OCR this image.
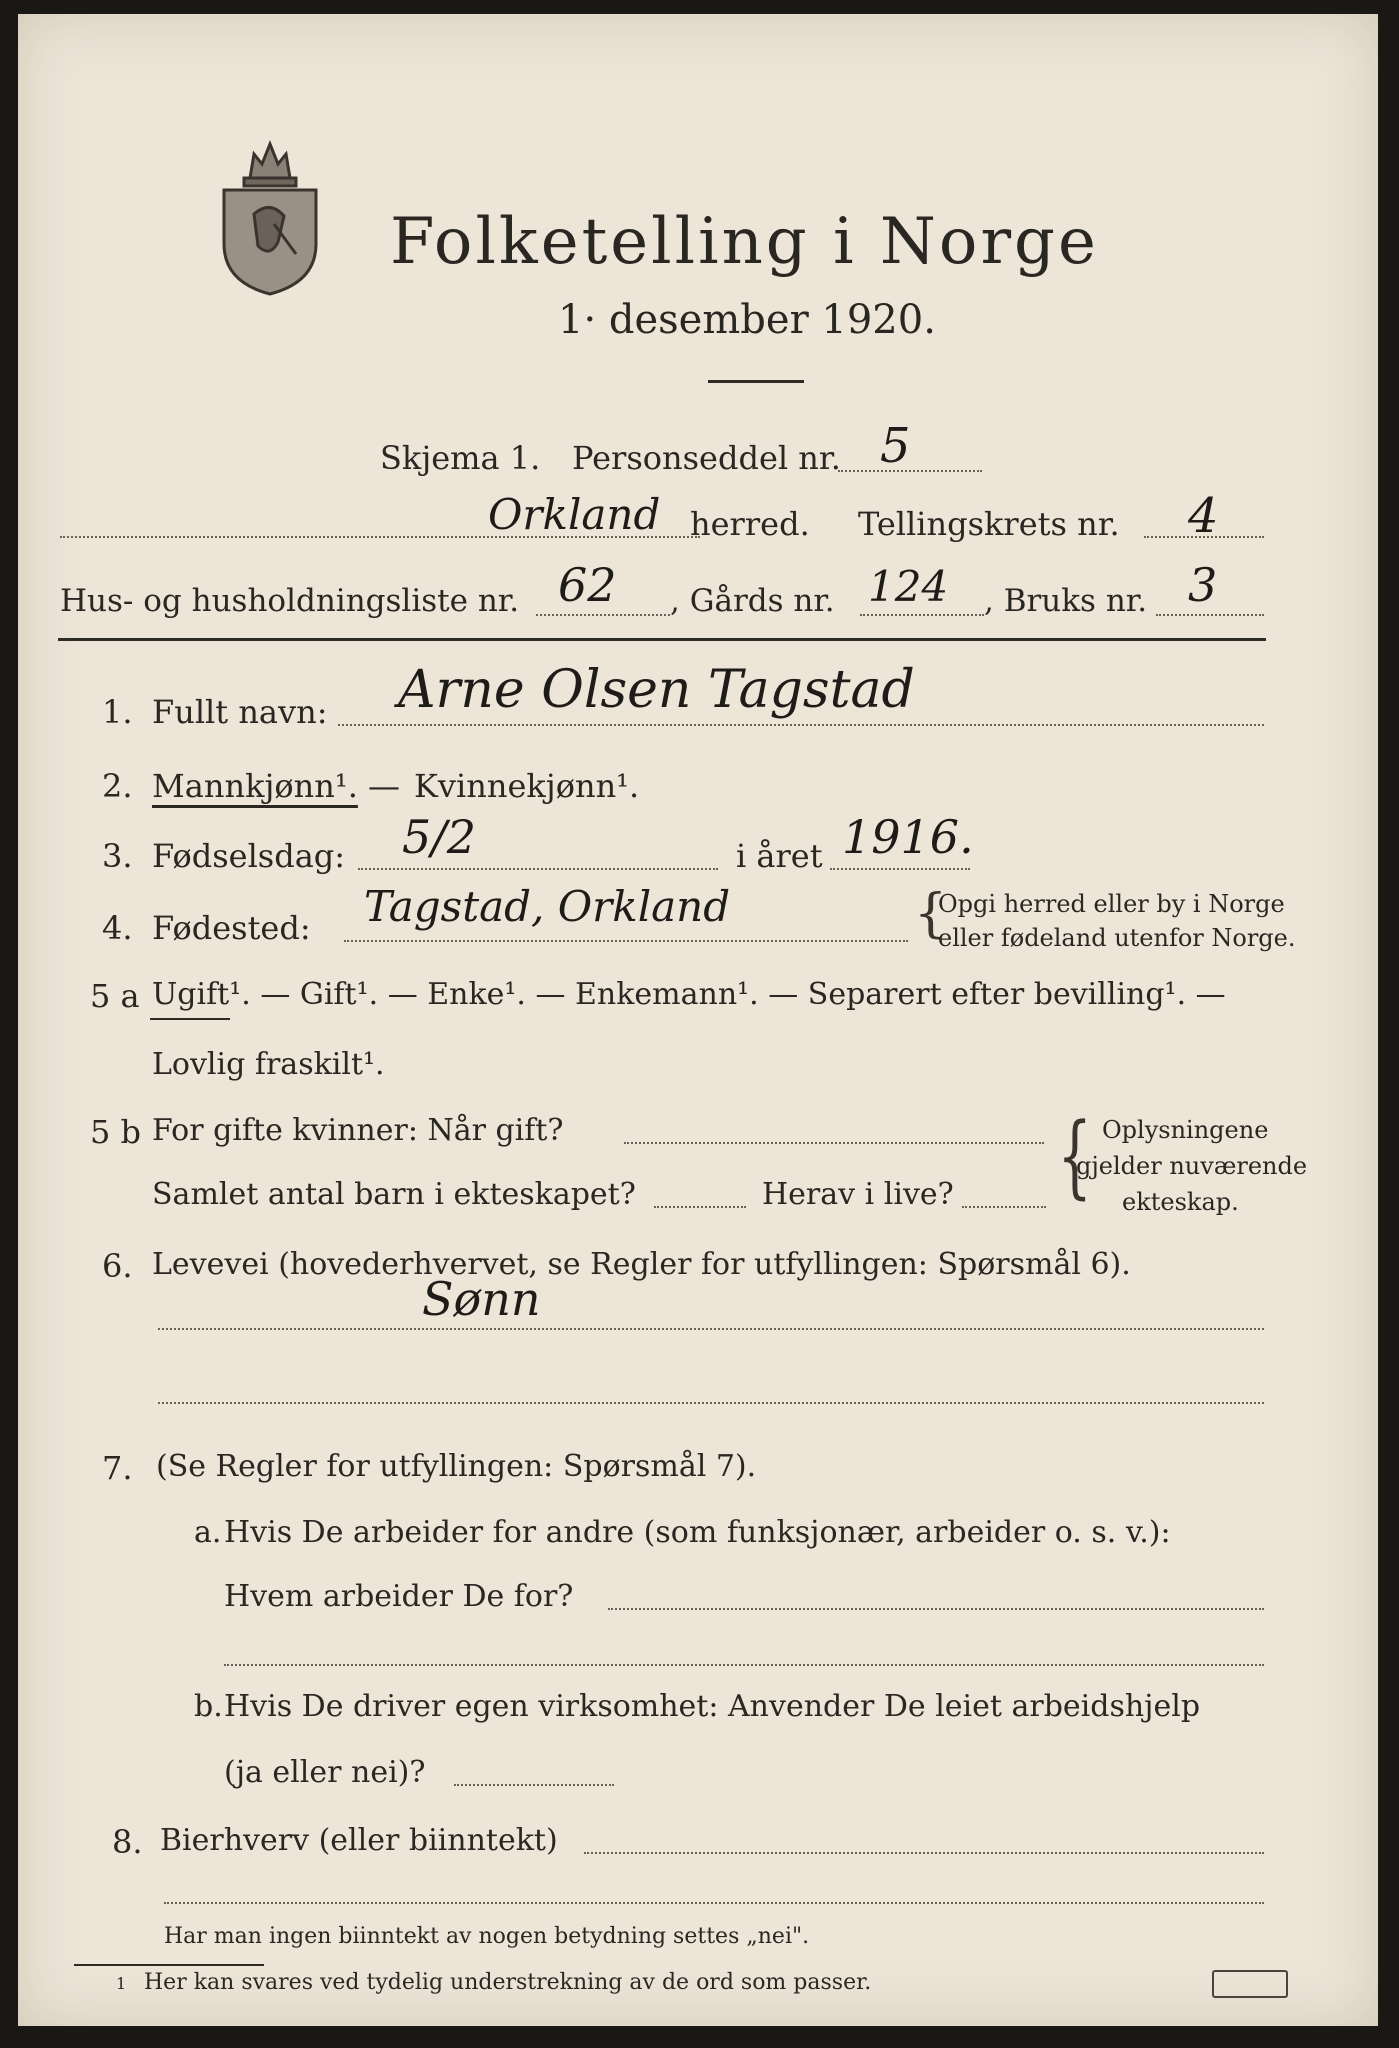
Folketelling i Norge
1· desember 1920.
Skjema 1. Personseddel nr. 5
Orkland herred. Tellingskrets nr. 4
Hus- og husholdningsliste nr. 62 , Gårds nr. 124 , Bruks nr. 3
1. Fullt navn: Arne Olsen Tagstad
2. Mannkjønn¹. — Kvinnekjønn¹.
3. Fødselsdag: 5/2	i året 1916.
4. Fødested: Tagstad, Orkland	{
Opgi herred eller by i Norge
eller fødeland utenfor Norge.
5 a Ugift¹. — Gift¹. — Enke¹. — Enkemann¹. — Separert efter bevilling¹. —
Lovlig fraskilt¹.
5 b For gifte kvinner: Når gift?
Samlet antal barn i ekteskapet?	Herav i live? { Oplysningene
gjelder nuværende
ekteskap.
6. Levevei (hovederhvervet, se Regler for utfyllingen: Spørsmål 6).
Sønn
7. (Se Regler for utfyllingen: Spørsmål 7).
a. Hvis De arbeider for andre (som funksjonær, arbeider o. s. v.):
Hvem arbeider De for?
b. Hvis De driver egen virksomhet: Anvender De leiet arbeidshjelp
(ja eller nei)?
8. Bierhverv (eller biinntekt)
Har man ingen biinntekt av nogen betydning settes „nei".
1 Her kan svares ved tydelig understrekning av de ord som passer.
